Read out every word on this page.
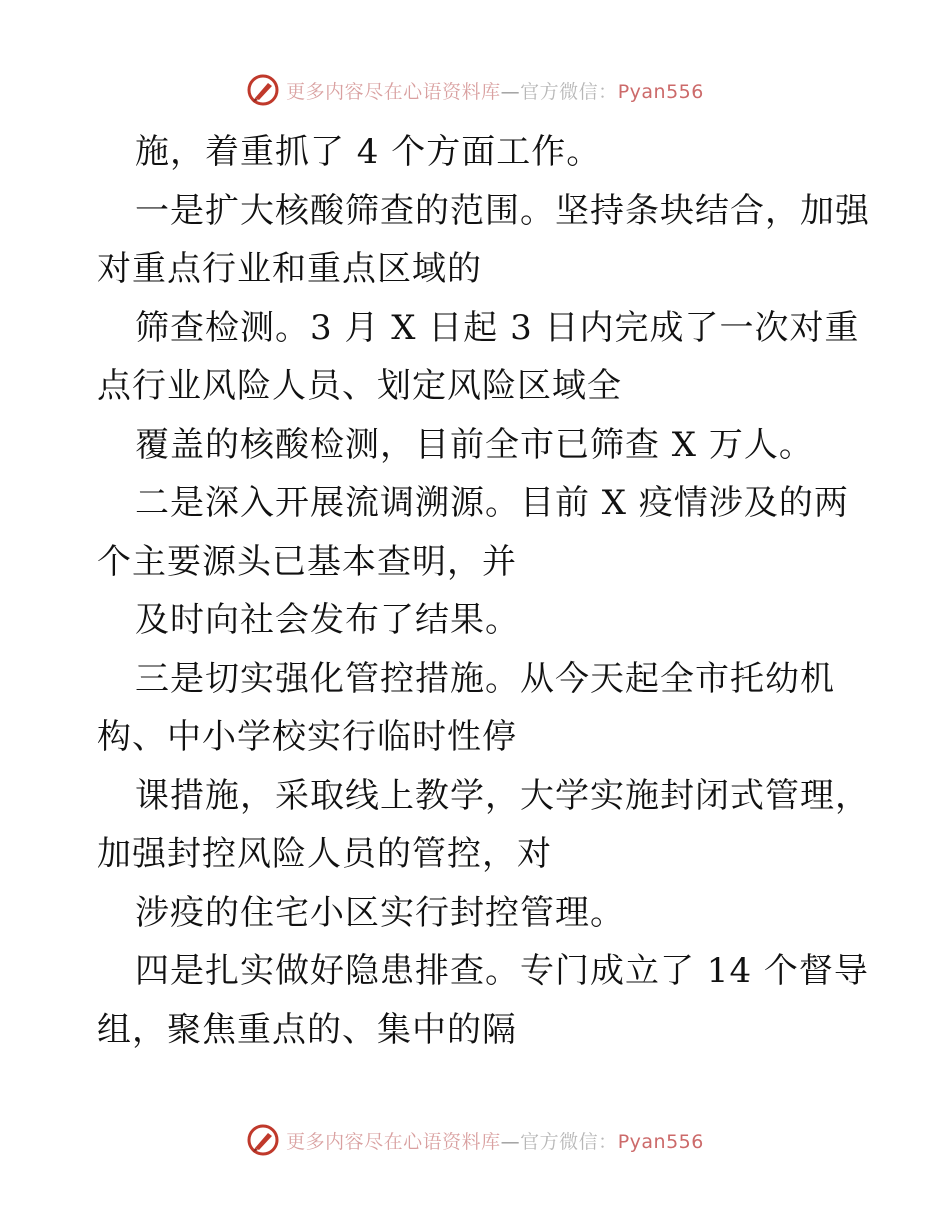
更多内容尽在心语资料库—官方微信：Pyan556
施，着重抓了 4 个方面工作。
一是扩大核酸筛查的范围。坚持条块结合，加强
对重点行业和重点区域的
筛查检测。3 月 X 日起 3 日内完成了一次对重
点行业风险人员、划定风险区域全
覆盖的核酸检测，目前全市已筛查 X 万人。
二是深入开展流调溯源。目前 X 疫情涉及的两
个主要源头已基本查明，并
及时向社会发布了结果。
三是切实强化管控措施。从今天起全市托幼机
构、中小学校实行临时性停
课措施，采取线上教学，大学实施封闭式管理，
加强封控风险人员的管控，对
涉疫的住宅小区实行封控管理。
四是扎实做好隐患排查。专门成立了 14 个督导
组，聚焦重点的、集中的隔
更多内容尽在心语资料库—官方微信：Pyan556
